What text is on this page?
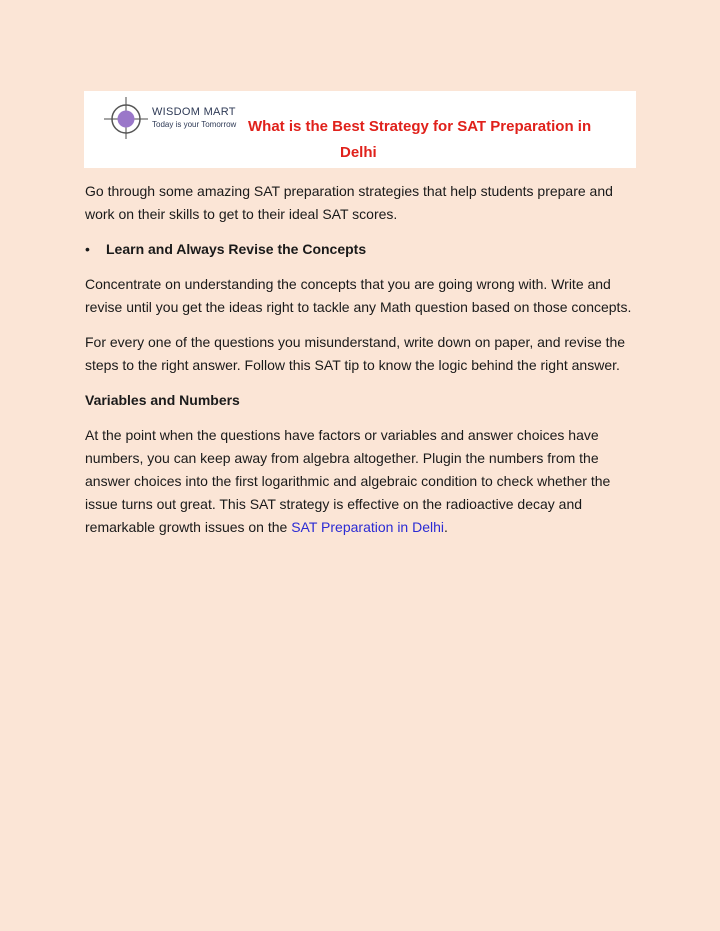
WISDOM MART
Today is your Tomorrow What is the Best Strategy for SAT Preparation in
Delhi

Go through some amazing SAT preparation strategies that help students prepare and work on their skills to get to their ideal SAT scores.

•	Learn and Always Revise the Concepts

Concentrate on understanding the concepts that you are going wrong with. Write and revise until you get the ideas right to tackle any Math question based on those concepts.

For every one of the questions you misunderstand, write down on paper, and revise the steps to the right answer. Follow this SAT tip to know the logic behind the right answer.

Variables and Numbers

At the point when the questions have factors or variables and answer choices have numbers, you can keep away from algebra altogether. Plugin the numbers from the answer choices into the first logarithmic and algebraic condition to check whether the issue turns out great. This SAT strategy is effective on the radioactive decay and remarkable growth issues on the SAT Preparation in Delhi.
